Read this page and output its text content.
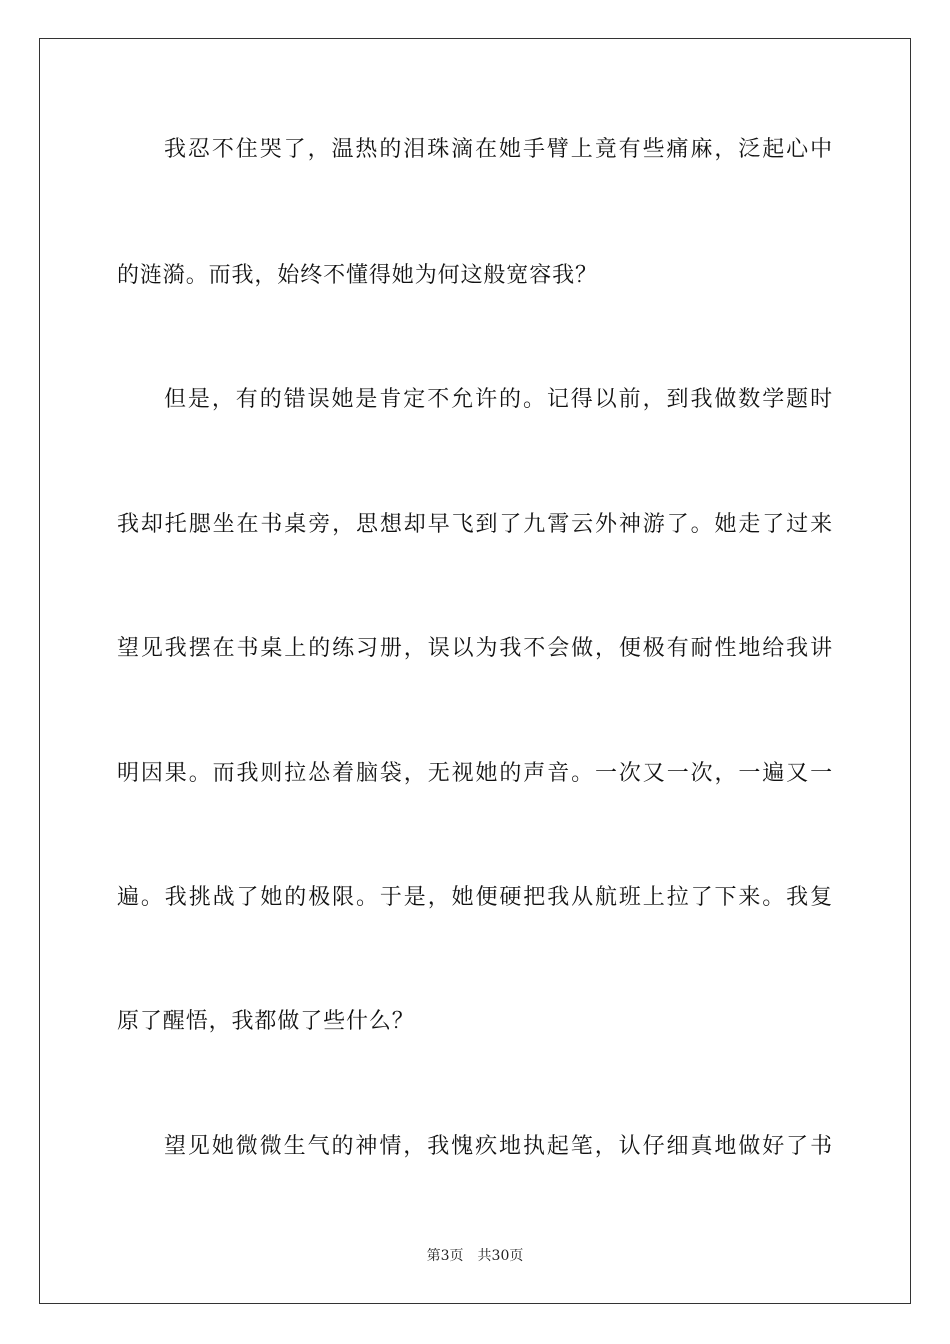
我忍不住哭了，温热的泪珠滴在她手臂上竟有些痛麻，泛起心中
的涟漪。而我，始终不懂得她为何这般宽容我？
但是，有的错误她是肯定不允许的。记得以前，到我做数学题时
我却托腮坐在书桌旁，思想却早飞到了九霄云外神游了。她走了过来
望见我摆在书桌上的练习册，误以为我不会做，便极有耐性地给我讲
明因果。而我则拉怂着脑袋，无视她的声音。一次又一次，一遍又一
遍。我挑战了她的极限。于是，她便硬把我从航班上拉了下来。我复
原了醒悟，我都做了些什么？
望见她微微生气的神情，我愧疚地执起笔，认仔细真地做好了书
第3页 共30页
